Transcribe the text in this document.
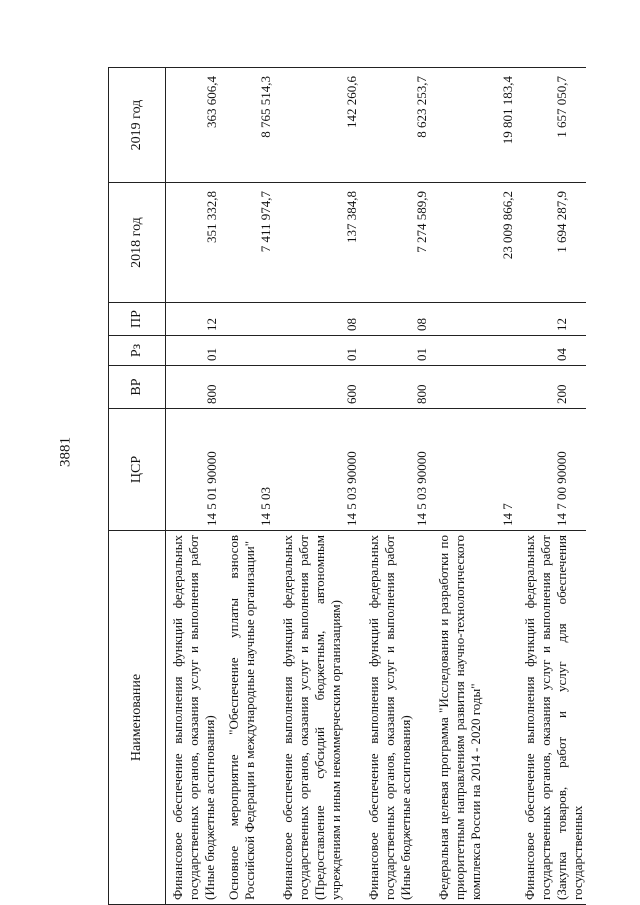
3881
Наименование	ЦСР	ВР	Рз	ПР	2018 год	2019 год
Финансовое обеспечение выполнения функций федеральных государственных органов, оказания услуг и выполнения работ (Иные бюджетные ассигнования)	14 5 01 90000	800	01	12	351 332,8	363 606,4
Основное мероприятие "Обеспечение уплаты взносов Российской Федерации в международные научные организации"	14 5 03				7 411 974,7	8 765 514,3
Финансовое обеспечение выполнения функций федеральных государственных органов, оказания услуг и выполнения работ (Предоставление субсидий бюджетным, автономным учреждениям и иным некоммерческим организациям)	14 5 03 90000	600	01	08	137 384,8	142 260,6
Финансовое обеспечение выполнения функций федеральных государственных органов, оказания услуг и выполнения работ (Иные бюджетные ассигнования)	14 5 03 90000	800	01	08	7 274 589,9	8 623 253,7
Федеральная целевая программа "Исследования и разработки по приоритетным направлениям развития научно-технологического комплекса России на 2014 - 2020 годы"	14 7				23 009 866,2	19 801 183,4
Финансовое обеспечение выполнения функций федеральных государственных органов, оказания услуг и выполнения работ (Закупка товаров, работ и услуг для обеспечения государственных	14 7 00 90000	200	04	12	1 694 287,9	1 657 050,7
